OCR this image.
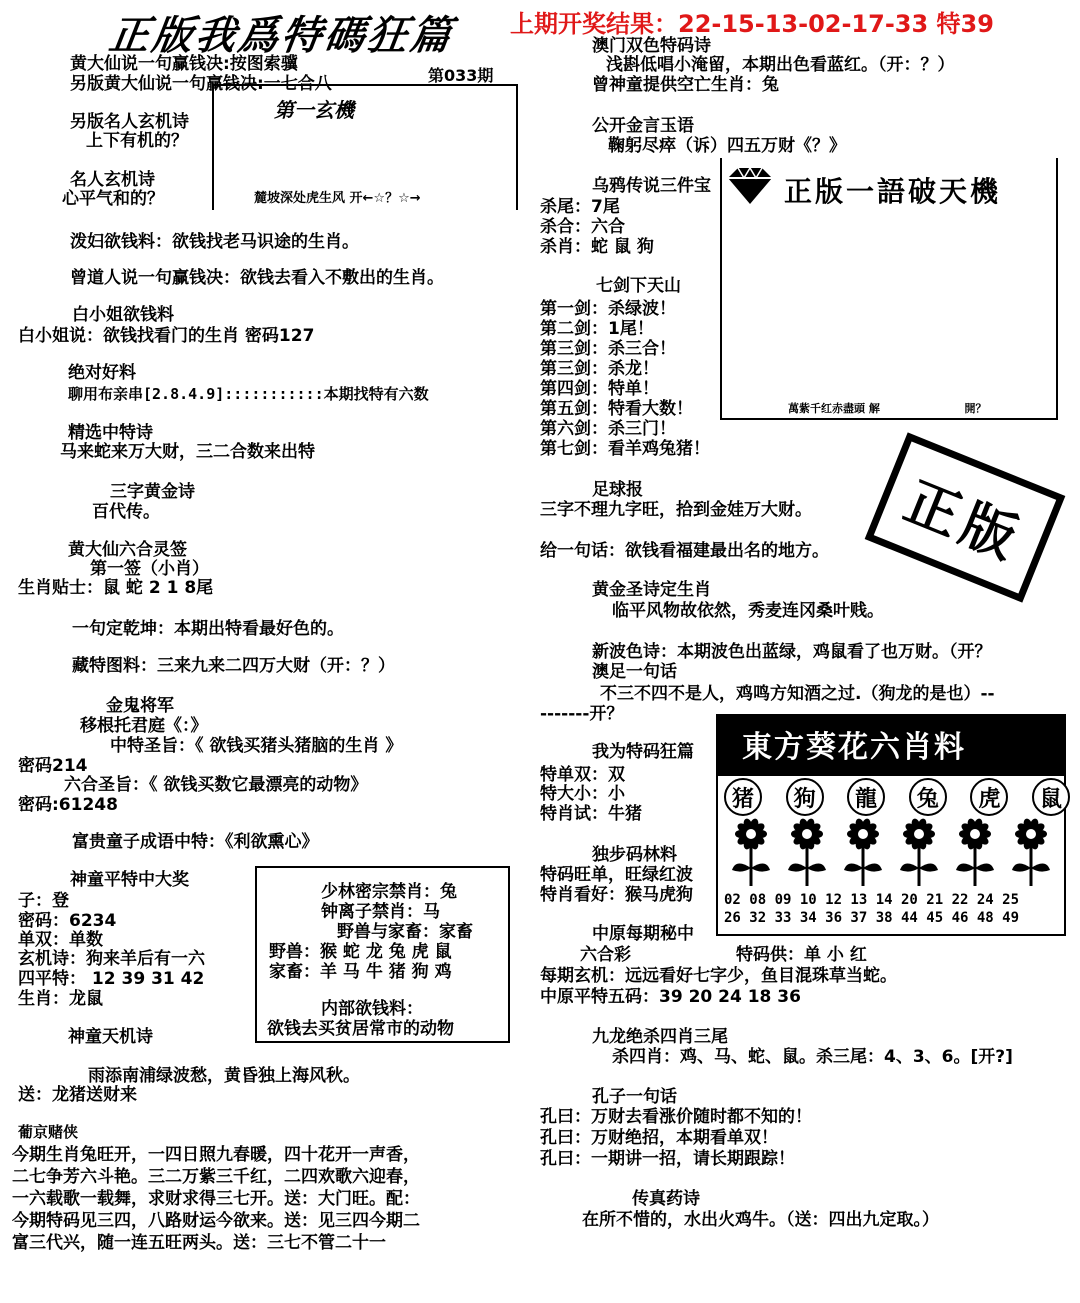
正版我爲特碼狂篇 上期开奖结果：22-15-13-02-17-33 特39
第033期
黄大仙说一句赢钱决:按图索骥
另版黄大仙说一句赢钱决:一七合八
第一玄機
麓坡深处虎生风 开←☆？☆→
另版名人玄机诗
上下有机的？
名人玄机诗
心平气和的？
泼妇欲钱料：欲钱找老马识途的生肖。
曾道人说一句赢钱决：欲钱去看入不敷出的生肖。
白小姐欲钱料
白小姐说：欲钱找看门的生肖 密码127
绝对好料
聊用布亲串[2.8.4.9]:::::::::::本期找特有六数
精选中特诗
马来蛇来万大财，三二合数来出特
三字黄金诗
百代传。
黄大仙六合灵签
第一签（小肖）
生肖贴士：鼠 蛇 2 1 8尾
一句定乾坤：本期出特看最好色的。
藏特图料：三来九来二四万大财（开：？）
金鬼将军
移根托君庭《：》
中特圣旨：《 欲钱买猪头猪脑的生肖 》
密码214
六合圣旨：《 欲钱买数它最漂亮的动物》
密码:61248
富贵童子成语中特：《利欲熏心》
神童平特中大奖
子：登
密码：6234
单双：单数
玄机诗：狗来羊后有一六
四平特： 12 39 31 42
生肖：龙鼠
少林密宗禁肖：兔
钟离子禁肖：马
野兽与家畜：家畜
野兽：猴 蛇 龙 兔 虎 鼠
家畜：羊 马 牛 猪 狗 鸡
内部欲钱料：
欲钱去买贫居常市的动物
神童天机诗
雨添南浦绿波愁，黄昏独上海风秋。
送：龙猪送财来
葡京赌侠
今期生肖兔旺开，一四日照九春暖，四十花开一声香，
二七争芳六斗艳。三二万紫三千红，二四欢歌六迎春，
一六载歌一载舞，求财求得三七开。送：大门旺。配：
今期特码见三四，八路财运今欲来。送：见三四今期二
富三代兴，随一连五旺两头。送：三七不管二十一
澳门双色特码诗
浅斟低唱小淹留，本期出色看蓝红。（开：？）
曾神童提供空亡生肖：兔
公开金言玉语
鞠躬尽瘁（诉）四五万财《？》
正版一語破天機
萬紫千红赤盡頭 解 　　　　　　　 開？
乌鸦传说三件宝
杀尾：7尾
杀合：六合
杀肖：蛇 鼠 狗
七剑下天山
第一剑：杀绿波！
第二剑：1尾！
第三剑：杀三合！
第三剑：杀龙！
第四剑：特单！
第五剑：特看大数！
第六剑：杀三门！
第七剑：看羊鸡兔猪！
正版
足球报
三字不理九字旺，拾到金娃万大财。
给一句话：欲钱看福建最出名的地方。
黄金圣诗定生肖
临平风物故依然，秀麦连冈桑叶贱。
新波色诗：本期波色出蓝绿，鸡鼠看了也万财。（开？
澳足一句话
不三不四不是人，鸡鸣方知酒之过.（狗龙的是也）--
-------开？
我为特码狂篇
特单双：双
特大小：小
特肖试：牛猪
独步码林料
特码旺单，旺绿红波
特肖看好：猴马虎狗
東方葵花六肖料
猪	狗	龍	兔	虎	鼠
02 08 09 10 12 13 14 20 21 22 24 25
26 32 33 34 36 37 38 44 45 46 48 49
中原每期秘中
六合彩	特码供：单 小 红
每期玄机：远远看好七字少，鱼目混珠草当蛇。
中原平特五码：39 20 24 18 36
九龙绝杀四肖三尾
杀四肖：鸡、马、蛇、鼠。杀三尾：4、3、6。[开?]
孔子一句话
孔曰：万财去看涨价随时都不知的！
孔曰：万财绝招，本期看单双！
孔曰：一期讲一招，请长期跟踪！
传真药诗
在所不惜的，水出火鸡牛。（送：四出九定取。）
